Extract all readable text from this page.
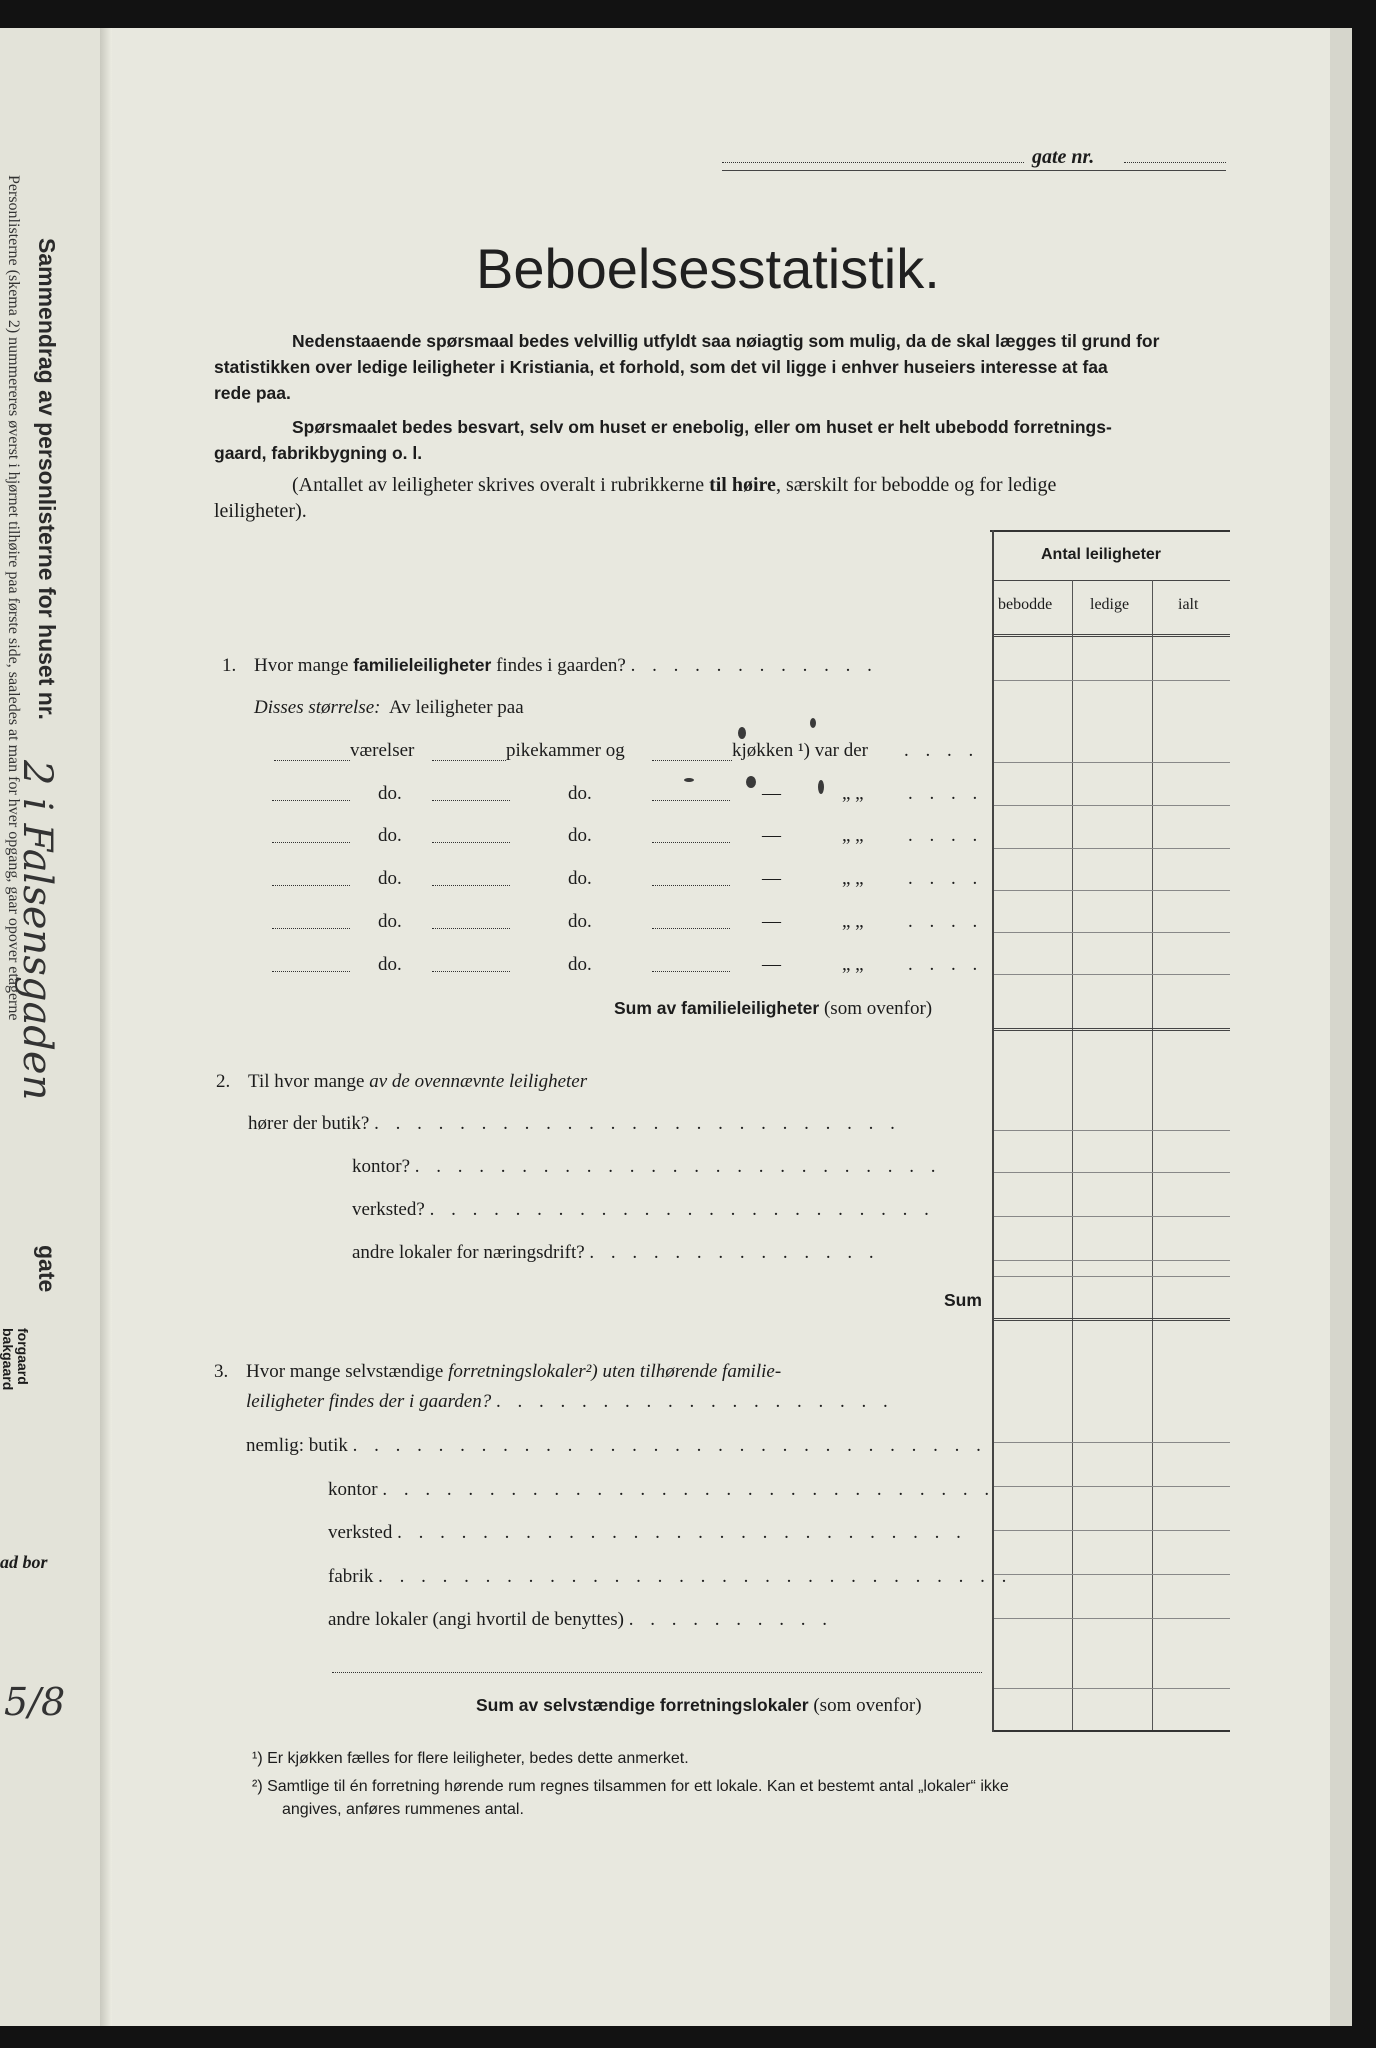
Sammendrag av personlisterne for huset nr.
2 i Falsensgaden
gate
Personlisterne (skema 2) nummereres øverst i hjørnet tilhøire paa første side, saaledes at man for hver opgang, gaar opover etagerne
forgaard
bakgaard
ad bor
5/8
gate nr.
Beboelsesstatistik.
Nedenstaaende spørsmaal bedes velvillig utfyldt saa nøiagtig som mulig, da de skal lægges til grund for
statistikken over ledige leiligheter i Kristiania, et forhold, som det vil ligge i enhver huseiers interesse at faa
rede paa.
Spørsmaalet bedes besvart, selv om huset er enebolig, eller om huset er helt ubebodd forretnings-
gaard, fabrikbygning o. l.
(Antallet av leiligheter skrives overalt i rubrikkerne til høire, særskilt for bebodde og for ledige
leiligheter).
Antal leiligheter
bebodde ledige	ialt
1. Hvor mange familieleiligheter findes i gaarden? . . . . . . . . . . . .
Disses størrelse: Av leiligheter paa
værelser	pikekammer og	kjøkken ¹) var der . . . .
do.	do.	—	„ „ . . . .
do.	do.	—	„ „ . . . .
do.	do.	—	„ „ . . . .
do.	do.	—	„ „ . . . .
do.	do.	—	„ „ . . . .
Sum av familieleiligheter (som ovenfor)
2. Til hvor mange av de ovennævnte leiligheter
hører der butik? . . . . . . . . . . . . . . . . . . . . . . . . .
kontor? . . . . . . . . . . . . . . . . . . . . . . . . .
verksted? . . . . . . . . . . . . . . . . . . . . . . . .
andre lokaler for næringsdrift? . . . . . . . . . . . . . .
Sum
3. Hvor mange selvstændige forretningslokaler²) uten tilhørende familie-
leiligheter findes der i gaarden? . . . . . . . . . . . . . . . . . . .
nemlig: butik . . . . . . . . . . . . . . . . . . . . . . . . . . . . . .
kontor . . . . . . . . . . . . . . . . . . . . . . . . . . . . .
verksted . . . . . . . . . . . . . . . . . . . . . . . . . . .
fabrik . . . . . . . . . . . . . . . . . . . . . . . . . . . . . .
andre lokaler (angi hvortil de benyttes) . . . . . . . . . .
Sum av selvstændige forretningslokaler (som ovenfor)
¹) Er kjøkken fælles for flere leiligheter, bedes dette anmerket.
²) Samtlige til én forretning hørende rum regnes tilsammen for ett lokale. Kan et bestemt antal „lokaler“ ikke
angives, anføres rummenes antal.
